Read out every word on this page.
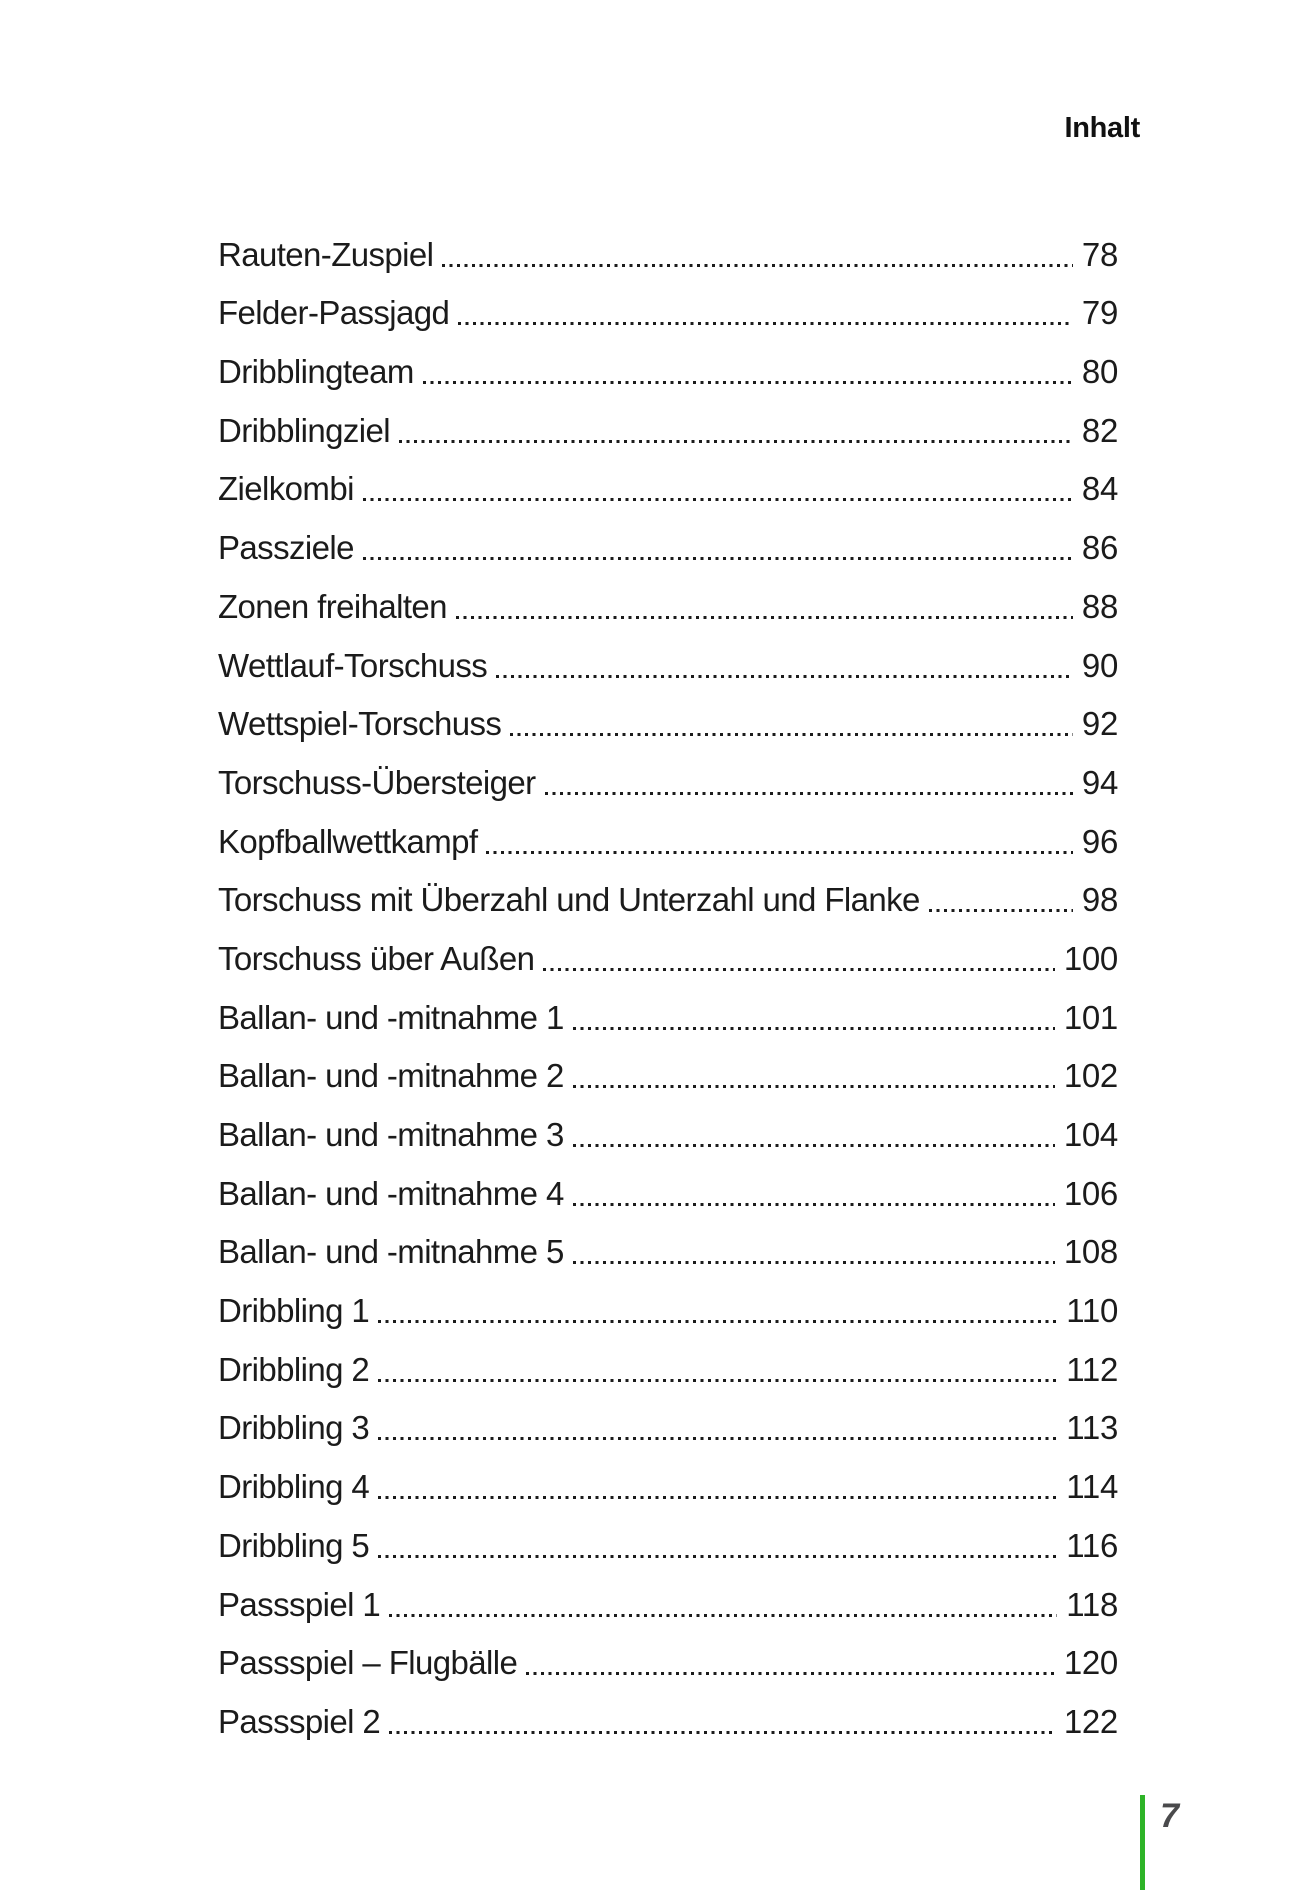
Inhalt
Rauten-Zuspiel	78
Felder-Passjagd	79
Dribblingteam	80
Dribblingziel	82
Zielkombi	84
Passziele	86
Zonen freihalten	88
Wettlauf-Torschuss	90
Wettspiel-Torschuss	92
Torschuss-Übersteiger	94
Kopfballwettkampf	96
Torschuss mit Überzahl und Unterzahl und Flanke	98
Torschuss über Außen	100
Ballan- und -mitnahme 1	101
Ballan- und -mitnahme 2	102
Ballan- und -mitnahme 3	104
Ballan- und -mitnahme 4	106
Ballan- und -mitnahme 5	108
Dribbling 1	110
Dribbling 2	112
Dribbling 3	113
Dribbling 4	114
Dribbling 5	116
Passspiel 1	118
Passspiel – Flugbälle	120
Passspiel 2	122
7
